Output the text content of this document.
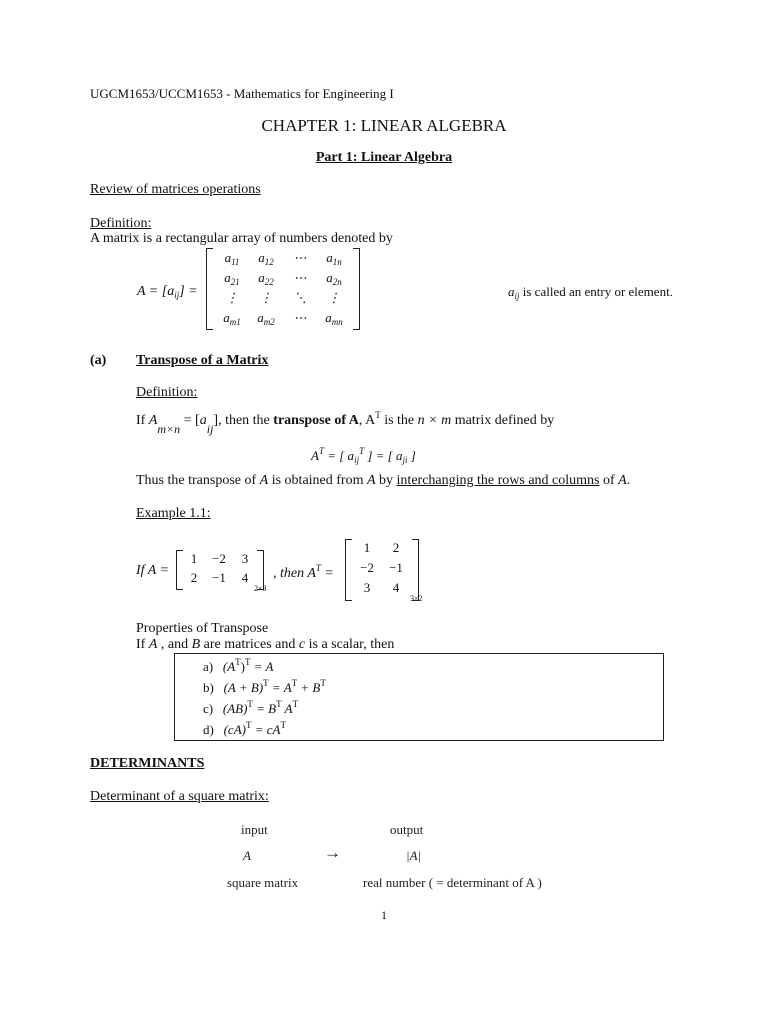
UGCM1653/UCCM1653 - Mathematics for Engineering I
CHAPTER 1: LINEAR ALGEBRA
Part 1: Linear Algebra
Review of matrices operations
Definition:
A matrix is a rectangular array of numbers denoted by
$A = [a_{ij}]$ =
$a_{11}$	$a_{12}$	⋯	$a_{1n}$
$a_{21}$	$a_{22}$	⋯	$a_{2n}$
⋮	⋮	⋱	⋮
$a_{m1}$	$a_{m2}$	⋯	$a_{mn}$
$a_{ij}$ is called an entry or element.
(a) Transpose of a Matrix
Definition:
If Am×n = [aij], then the transpose of A, $A^T$ is the n × m matrix defined by
$A^T$ = [ $a_{ij}^T$ ] = [ $a_{ji}$ ]
Thus the transpose of A is obtained from A by interchanging the rows and columns of A.
Example 1.1:
If A =
1	−2	3
2	−1	4
2×3
, then $A^T$ =
1	2
−2	−1
3	4
3×2
Properties of Transpose
If A , and B are matrices and c is a scalar, then
a) $(A^T)^T = A$
b) $(A + B)^T = A^T + B^T$
c) $(AB)^T = B^T$ $A^T$
d) $(cA)^T = cA^T$
DETERMINANTS
Determinant of a square matrix:
input	output
A	→	|A|
square matrix	real number ( = determinant of A )
1
